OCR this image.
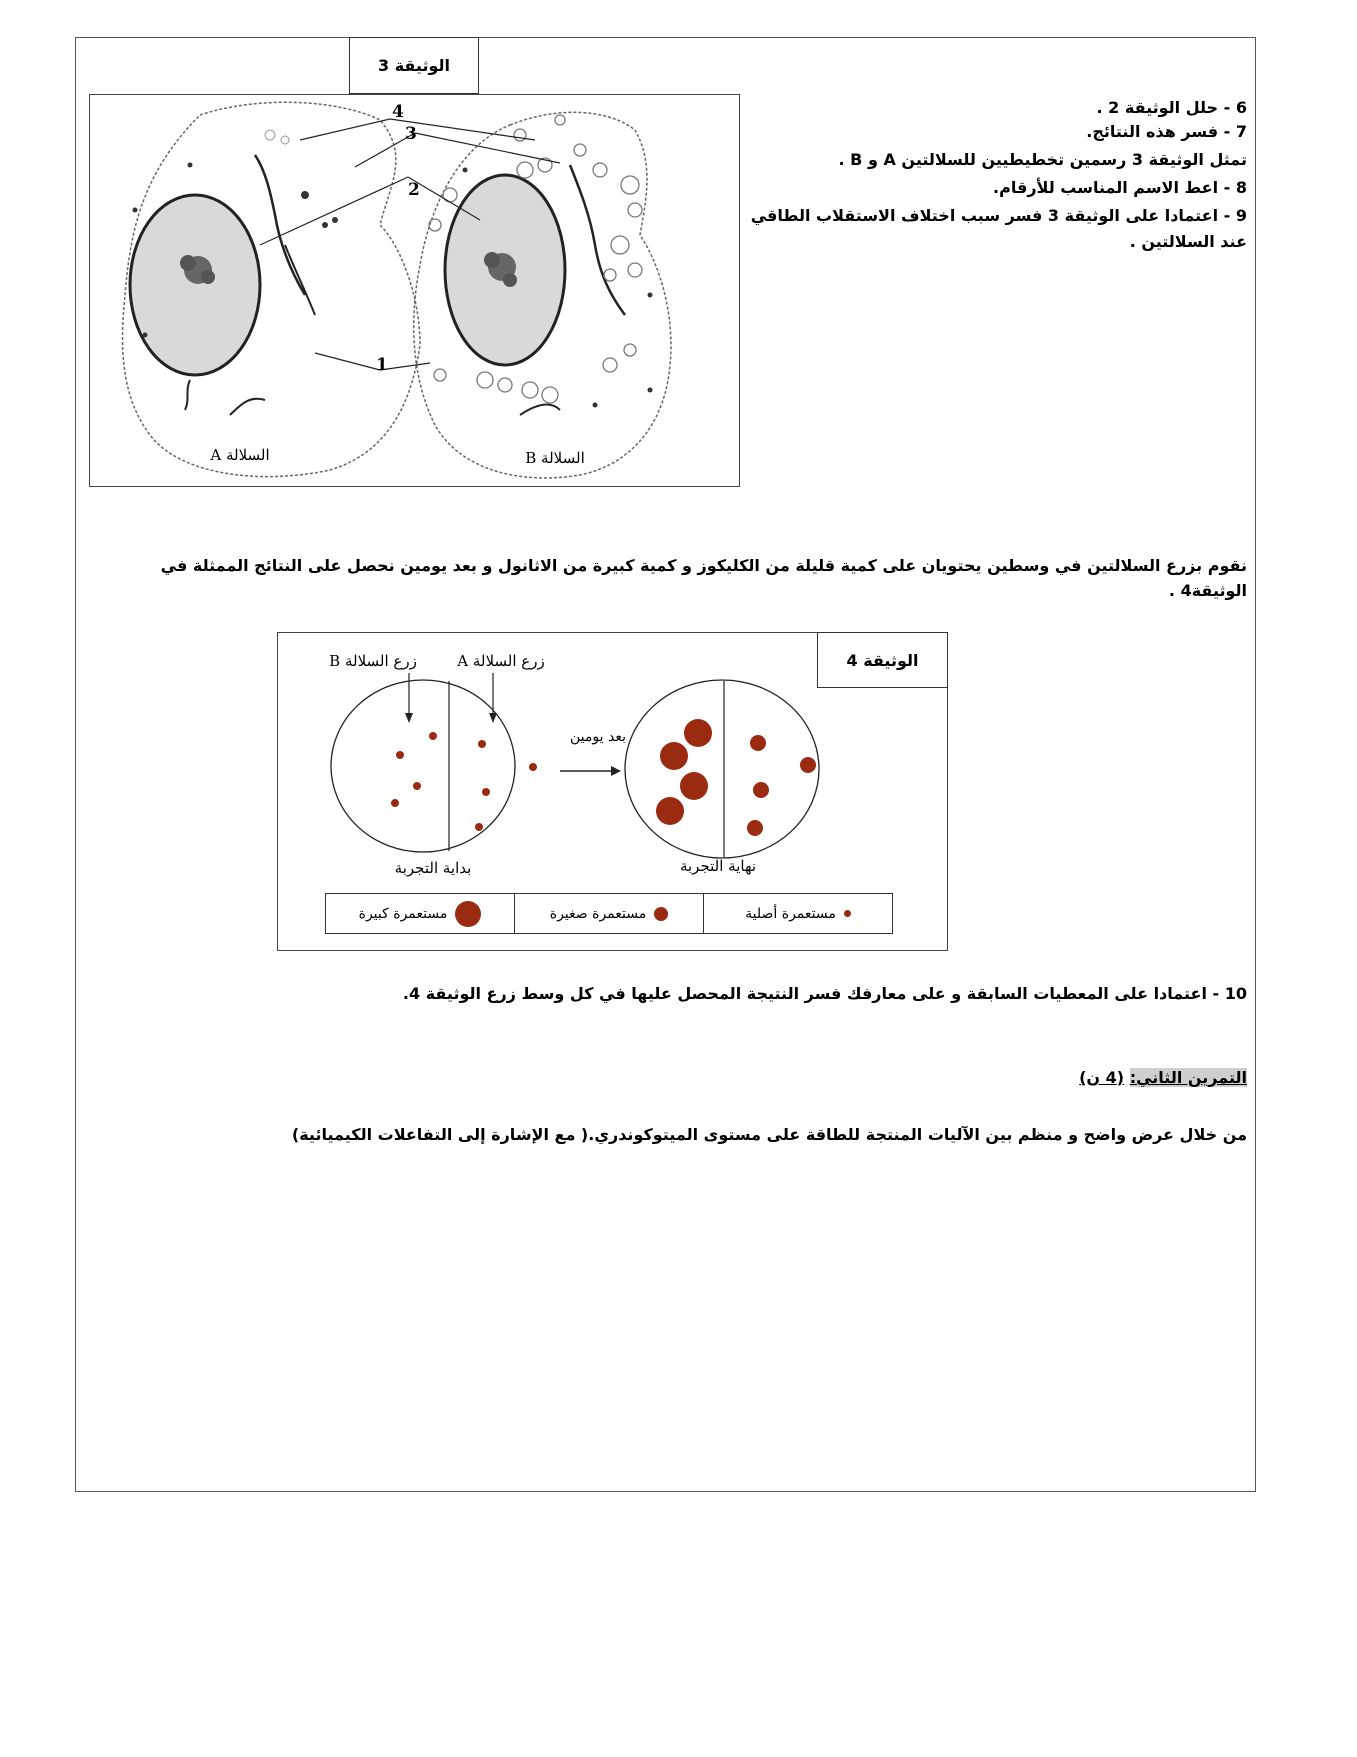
الوثيقة 3
4
3
2
1
السلالة A	السلالة B
6 - حلل الوثيقة 2 .
7 - فسر هذه النتائج.
تمثل الوثيقة 3 رسمين تخطيطيين للسلالتين A و B .
8 - اعط الاسم المناسب للأرقام.
9 - اعتمادا على الوثيقة 3 فسر سبب اختلاف الاستقلاب الطاقي
عند السلالتين .
نقوم بزرع السلالتين في وسطين يحتويان على كمية قليلة من الكليكوز و كمية كبيرة من الاثانول و بعد يومين نحصل على النتائج الممثلة في
الوثيقة4 .
بعد يومين
زرع السلالة B	زرع السلالة A
بداية التجربة	نهاية التجربة
الوثيقة 4
مستعمرة كبيرة	مستعمرة صغيرة	مستعمرة أصلية
10 - اعتمادا على المعطيات السابقة و على معارفك فسر النتيجة المحصل عليها في كل وسط زرع الوثيقة 4.
التمرين الثاني: (4 ن)
من خلال عرض واضح و منظم بين الآليات المنتجة للطاقة على مستوى الميتوكوندري.( مع الإشارة إلى التفاعلات الكيميائية)
